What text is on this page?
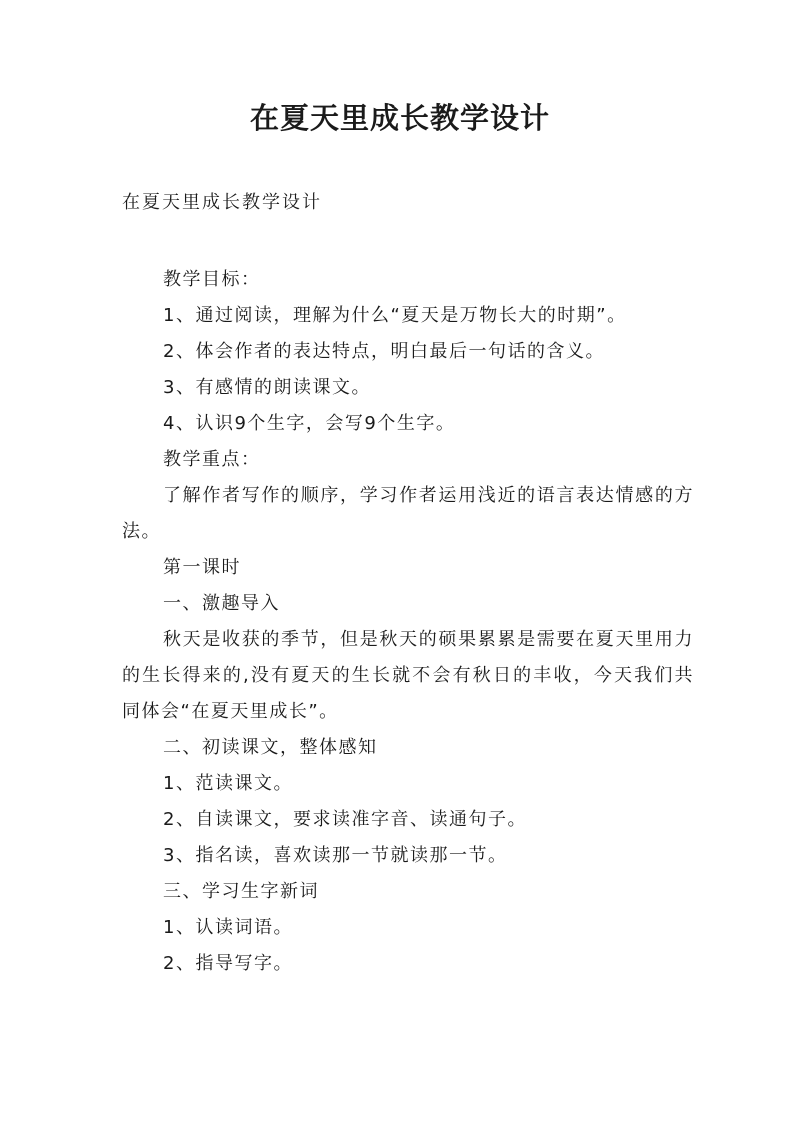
在夏天里成长教学设计
在夏天里成长教学设计

教学目标：

1、通过阅读，理解为什么“夏天是万物长大的时期”。

2、体会作者的表达特点，明白最后一句话的含义。

3、有感情的朗读课文。

4、认识9个生字，会写9个生字。

教学重点：

了解作者写作的顺序，学习作者运用浅近的语言表达情感的方法。

第一课时

一、激趣导入

秋天是收获的季节，但是秋天的硕果累累是需要在夏天里用力的生长得来的,没有夏天的生长就不会有秋日的丰收，今天我们共同体会“在夏天里成长”。

二、初读课文，整体感知

1、范读课文。

2、自读课文，要求读准字音、读通句子。

3、指名读，喜欢读那一节就读那一节。

三、学习生字新词

1、认读词语。

2、指导写字。
